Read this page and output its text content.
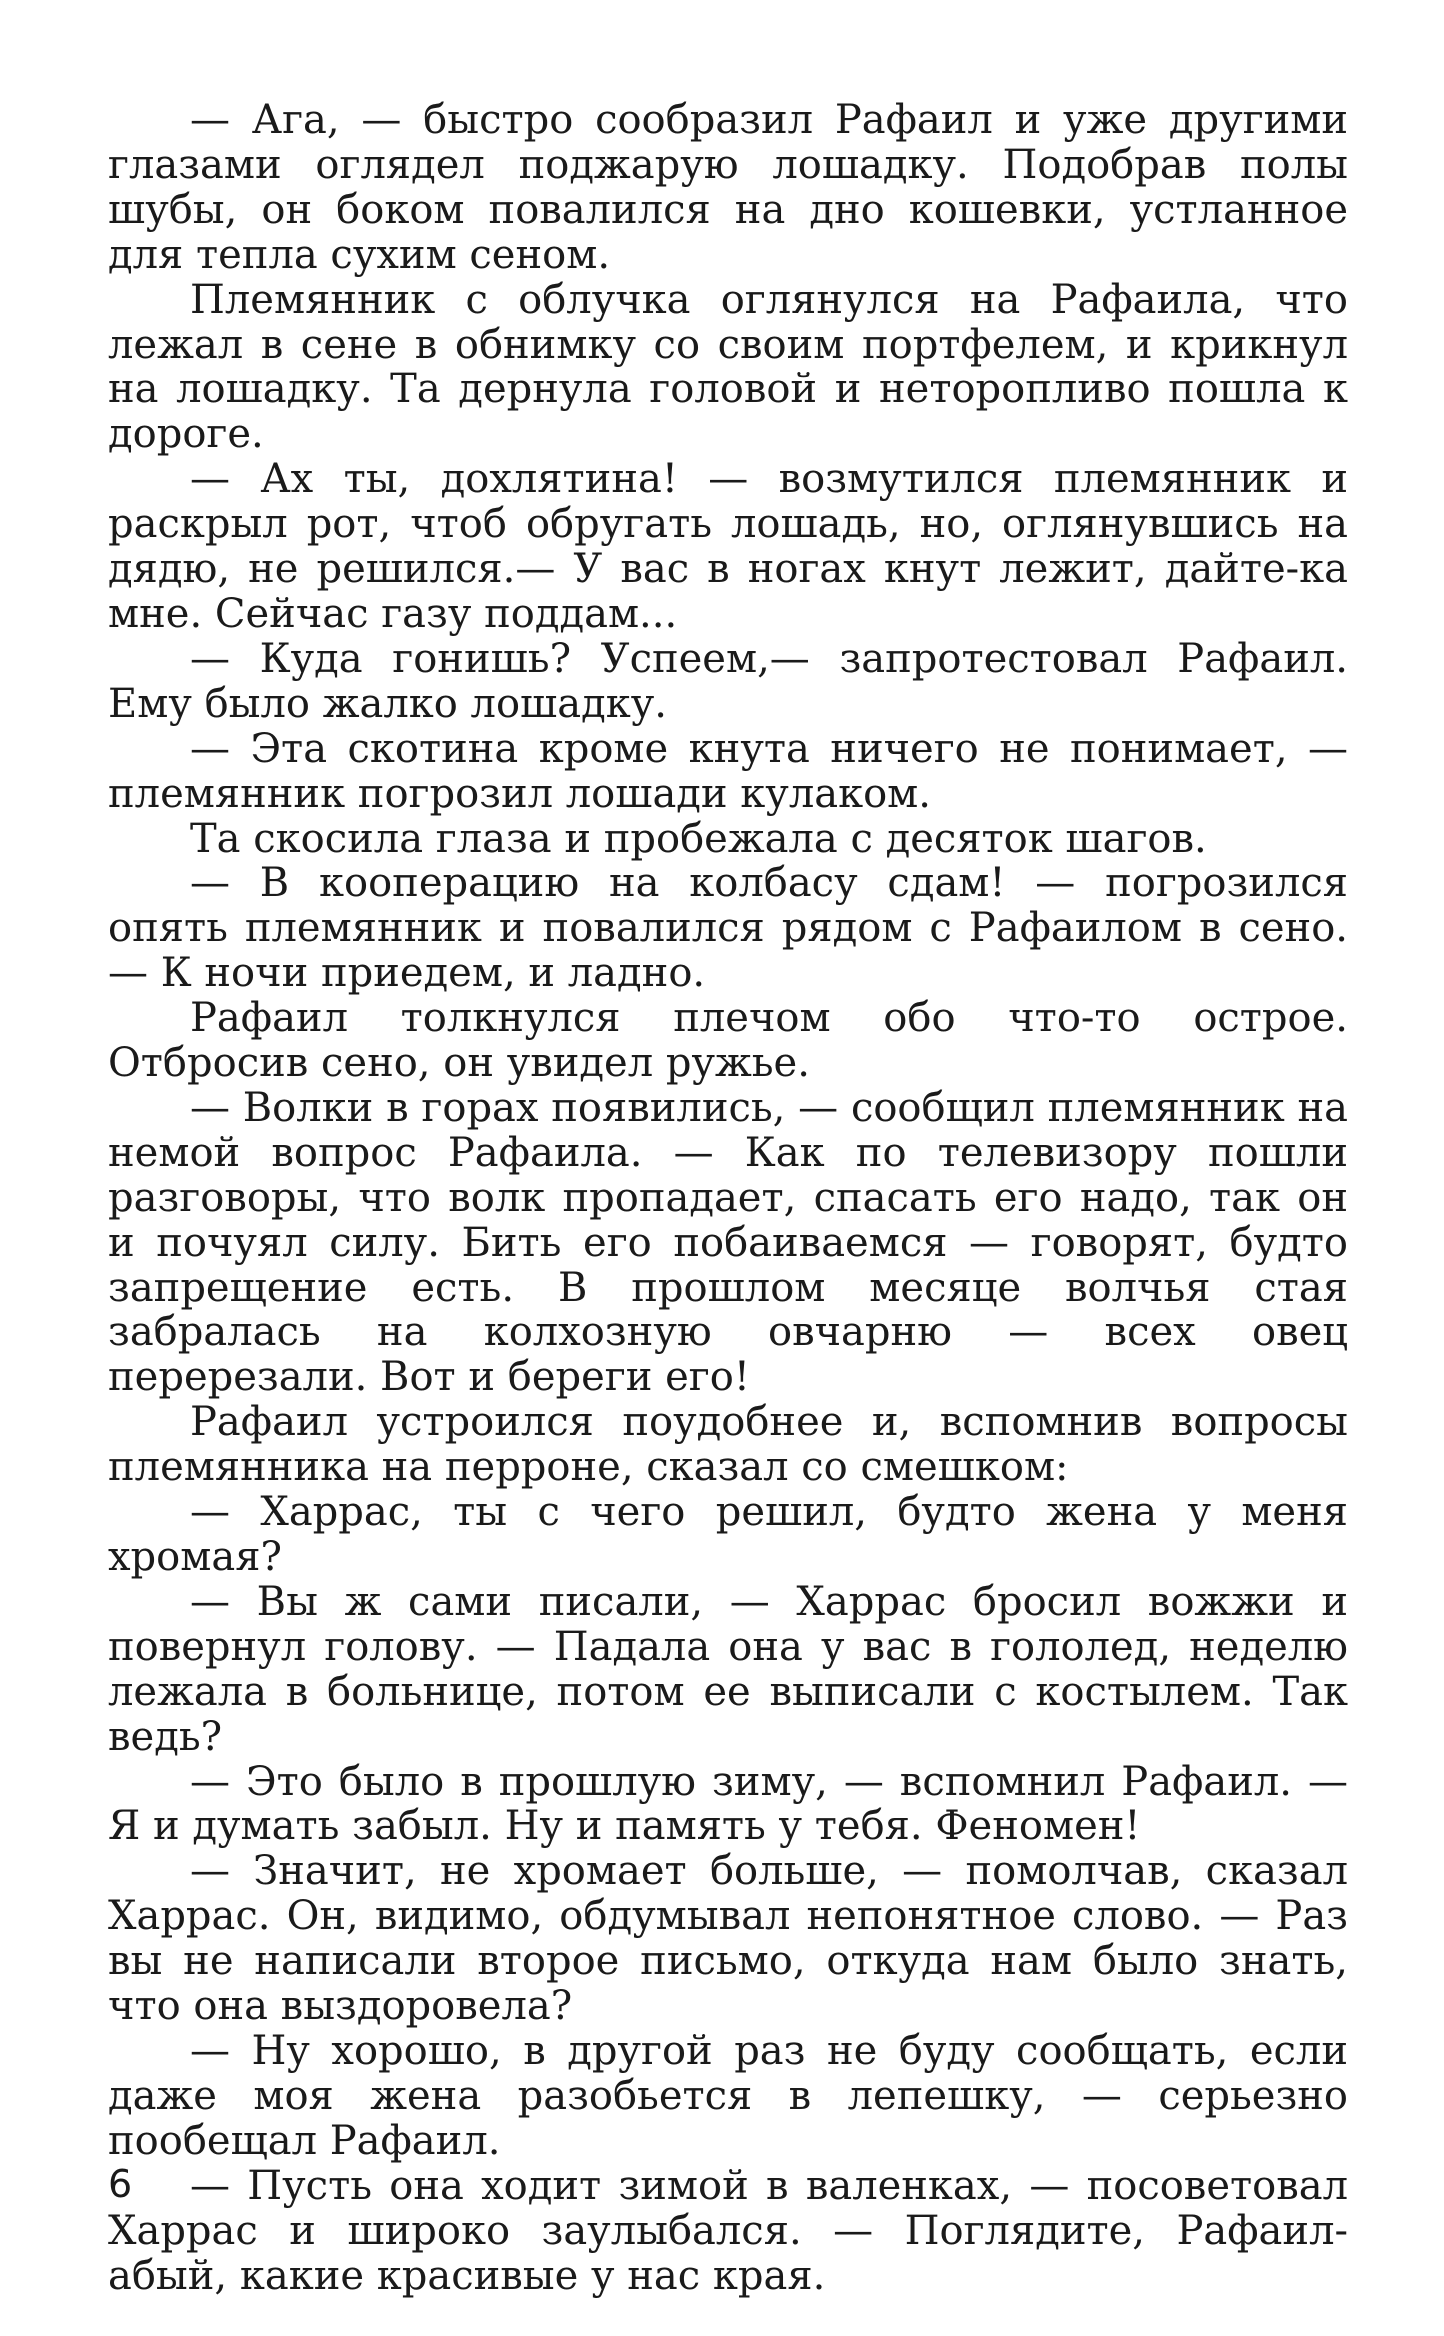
— Ага, — быстро сообразил Рафаил и уже другими глазами оглядел поджарую лошадку. Подобрав полы шубы, он боком повалился на дно кошевки, устланное для тепла сухим сеном.

Племянник с облучка оглянулся на Рафаила, что лежал в сене в обнимку со своим портфелем, и крикнул на лошадку. Та дернула головой и неторопливо пошла к дороге.

— Ах ты, дохлятина! — возмутился племянник и раскрыл рот, чтоб обругать лошадь, но, оглянувшись на дядю, не решился.— У вас в ногах кнут лежит, дайте-ка мне. Сейчас газу поддам...

— Куда гонишь? Успеем,— запротестовал Рафаил. Ему было жалко лошадку.

— Эта скотина кроме кнута ничего не понимает, — племянник погрозил лошади кулаком.

Та скосила глаза и пробежала с десяток шагов.

— В кооперацию на колбасу сдам! — погрозился опять племянник и повалился рядом с Рафаилом в сено.— К ночи приедем, и ладно.

Рафаил толкнулся плечом обо что-то острое. Отбросив сено, он увидел ружье.

— Волки в горах появились, — сообщил племянник на немой вопрос Рафаила. — Как по телевизору пошли разговоры, что волк пропадает, спасать его надо, так он и почуял силу. Бить его побаиваемся — говорят, будто запрещение есть. В прошлом месяце волчья стая забралась на колхозную овчарню — всех овец перерезали. Вот и береги его!

Рафаил устроился поудобнее и, вспомнив вопросы племянника на перроне, сказал со смешком:

— Харрас, ты с чего решил, будто жена у меня хромая?

— Вы ж сами писали, — Харрас бросил вожжи и повернул голову. — Падала она у вас в гололед, неделю лежала в больнице, потом ее выписали с костылем. Так ведь?

— Это было в прошлую зиму, — вспомнил Рафаил. — Я и думать забыл. Ну и память у тебя. Феномен!

— Значит, не хромает больше, — помолчав, сказал Харрас. Он, видимо, обдумывал непонятное слово. — Раз вы не написали второе письмо, откуда нам было знать, что она выздоровела?

— Ну хорошо, в другой раз не буду сообщать, если даже моя жена разобьется в лепешку, — серьезно пообещал Рафаил.

— Пусть она ходит зимой в валенках, — посоветовал Харрас и широко заулыбался. — Поглядите, Рафаил-абый, какие красивые у нас края.

6
